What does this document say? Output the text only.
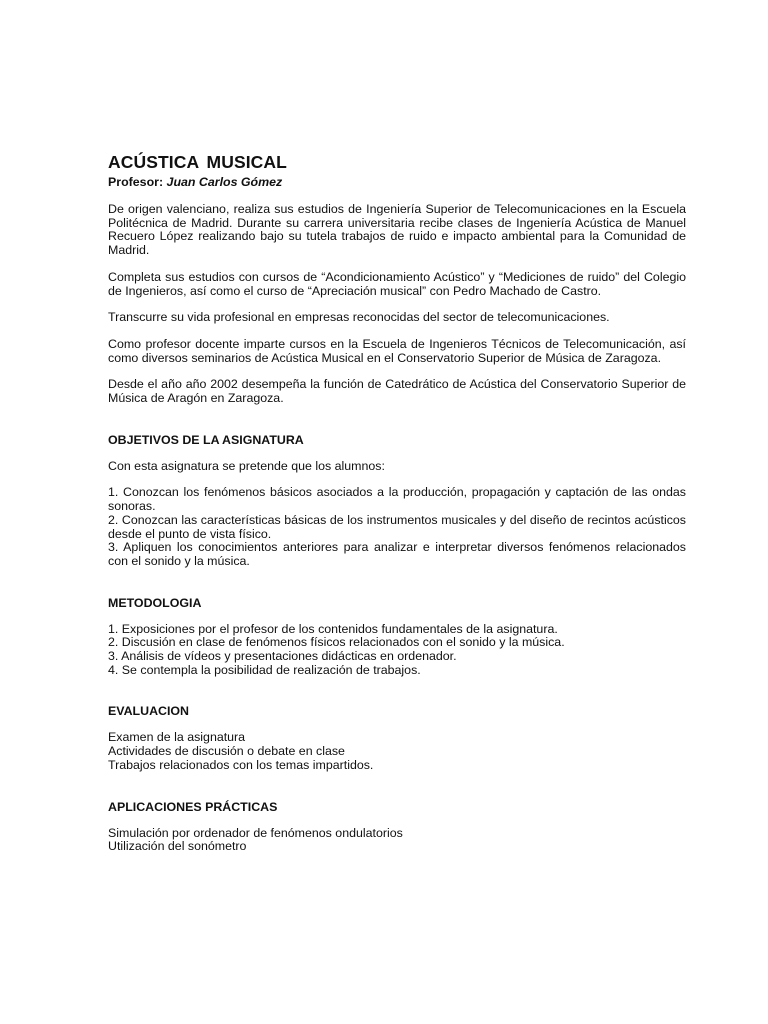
ACÚSTICA MUSICAL
Profesor: Juan Carlos Gómez

De origen valenciano, realiza sus estudios de Ingeniería Superior de Telecomunicaciones en la Escuela Politécnica de Madrid. Durante su carrera universitaria recibe clases de Ingeniería Acústica de Manuel Recuero López realizando bajo su tutela trabajos de ruido e impacto ambiental para la Comunidad de Madrid.

Completa sus estudios con cursos de “Acondicionamiento Acústico” y “Mediciones de ruido” del Colegio de Ingenieros, así como el curso de “Apreciación musical” con Pedro Machado de Castro.

Transcurre su vida profesional en empresas reconocidas del sector de telecomunicaciones.

Como profesor docente imparte cursos en la Escuela de Ingenieros Técnicos de Telecomunicación, así como diversos seminarios de Acústica Musical en el Conservatorio Superior de Música de Zaragoza.

Desde el año año 2002 desempeña la función de Catedrático de Acústica del Conservatorio Superior de Música de Aragón en Zaragoza.

OBJETIVOS DE LA ASIGNATURA

Con esta asignatura se pretende que los alumnos:

1. Conozcan los fenómenos básicos asociados a la producción, propagación y captación de las ondas sonoras.

2. Conozcan las características básicas de los instrumentos musicales y del diseño de recintos acústicos desde el punto de vista físico.

3. Apliquen los conocimientos anteriores para analizar e interpretar diversos fenómenos relacionados con el sonido y la música.

METODOLOGIA

1. Exposiciones por el profesor de los contenidos fundamentales de la asignatura.

2. Discusión en clase de fenómenos físicos relacionados con el sonido y la música.

3. Análisis de vídeos y presentaciones didácticas en ordenador.

4. Se contempla la posibilidad de realización de trabajos.

EVALUACION

Examen de la asignatura

Actividades de discusión o debate en clase

Trabajos relacionados con los temas impartidos.

APLICACIONES PRÁCTICAS

Simulación por ordenador de fenómenos ondulatorios

Utilización del sonómetro
